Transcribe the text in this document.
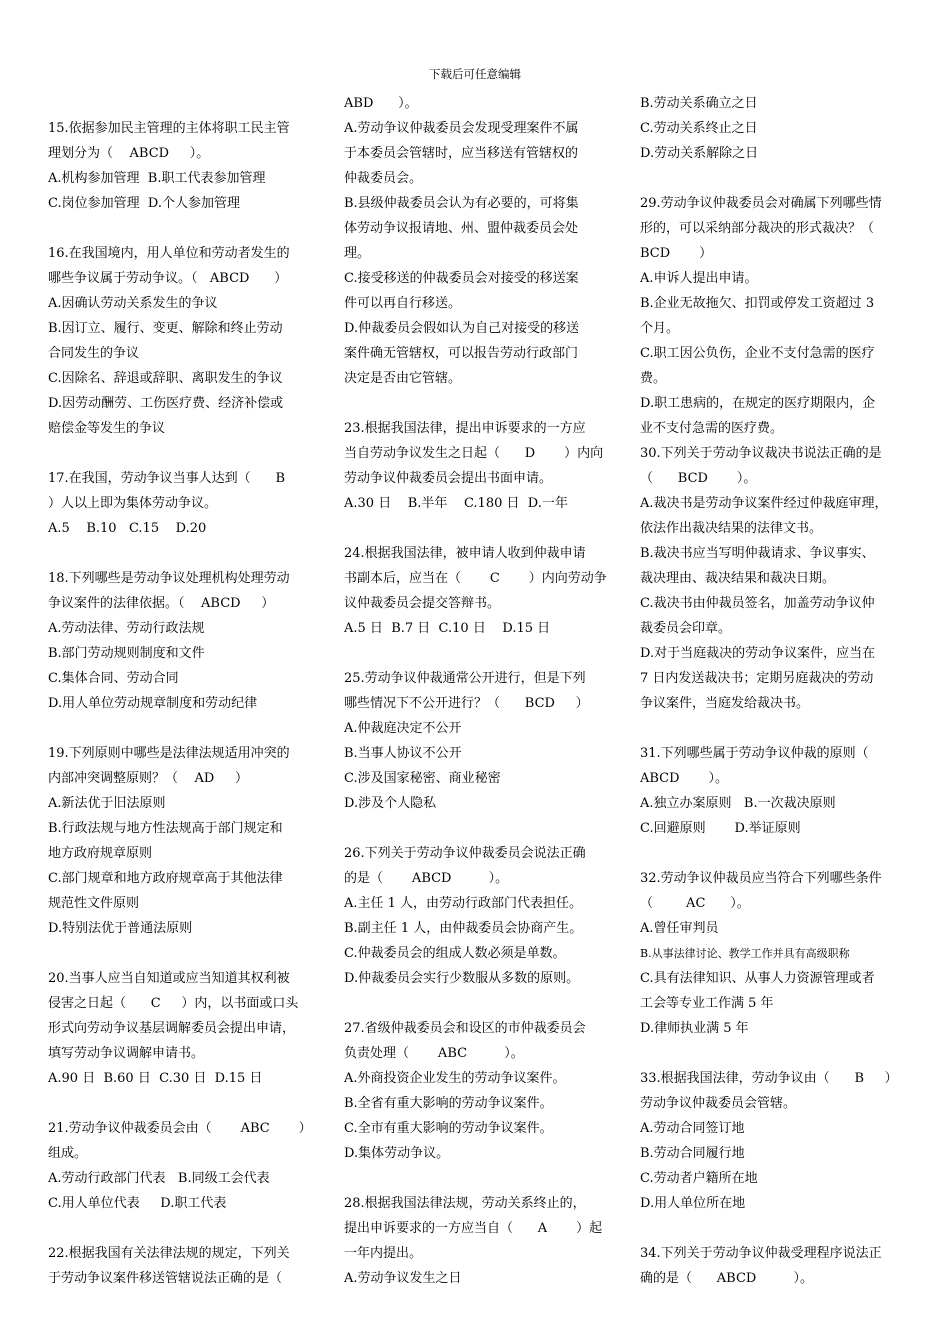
下载后可任意编辑
15.依据参加民主管理的主体将职工民主管
理划分为（    ABCD     ）。
A.机构参加管理  B.职工代表参加管理
C.岗位参加管理  D.个人参加管理
16.在我国境内，用人单位和劳动者发生的
哪些争议属于劳动争议。（   ABCD      ）
A.因确认劳动关系发生的争议
B.因订立、履行、变更、解除和终止劳动
合同发生的争议
C.因除名、辞退或辞职、离职发生的争议
D.因劳动酬劳、工伤医疗费、经济补偿或
赔偿金等发生的争议
17.在我国，劳动争议当事人达到（      B
）人以上即为集体劳动争议。
A.5    B.10   C.15    D.20
18.下列哪些是劳动争议处理机构处理劳动
争议案件的法律依据。（    ABCD     ）
A.劳动法律、劳动行政法规
B.部门劳动规则制度和文件
C.集体合同、劳动合同
D.用人单位劳动规章制度和劳动纪律
19.下列原则中哪些是法律法规适用冲突的
内部冲突调整原则？（    AD     ）
A.新法优于旧法原则
B.行政法规与地方性法规高于部门规定和
地方政府规章原则
C.部门规章和地方政府规章高于其他法律
规范性文件原则
D.特别法优于普通法原则
20.当事人应当自知道或应当知道其权利被
侵害之日起（      C     ）内，以书面或口头
形式向劳动争议基层调解委员会提出申请，
填写劳动争议调解申请书。
A.90 日  B.60 日  C.30 日  D.15 日
21.劳动争议仲裁委员会由（       ABC       ）
组成。
A.劳动行政部门代表   B.同级工会代表
C.用人单位代表     D.职工代表
22.根据我国有关法律法规的规定，下列关
于劳动争议案件移送管辖说法正确的是（
ABD      ）。
A.劳动争议仲裁委员会发现受理案件不属
于本委员会管辖时，应当移送有管辖权的
仲裁委员会。
B.县级仲裁委员会认为有必要的，可将集
体劳动争议报请地、州、盟仲裁委员会处
理。
C.接受移送的仲裁委员会对接受的移送案
件可以再自行移送。
D.仲裁委员会假如认为自己对接受的移送
案件确无管辖权，可以报告劳动行政部门
决定是否由它管辖。
23.根据我国法律，提出申诉要求的一方应
当自劳动争议发生之日起（      D       ）内向
劳动争议仲裁委员会提出书面申请。
A.30 日    B.半年    C.180 日  D.一年
24.根据我国法律，被申请人收到仲裁申请
书副本后，应当在（       C       ）内向劳动争
议仲裁委员会提交答辩书。
A.5 日  B.7 日  C.10 日    D.15 日
25.劳动争议仲裁通常公开进行，但是下列
哪些情况下不公开进行？（      BCD     ）
A.仲裁庭决定不公开
B.当事人协议不公开
C.涉及国家秘密、商业秘密
D.涉及个人隐私
26.下列关于劳动争议仲裁委员会说法正确
的是（       ABCD         ）。
A.主任 1 人，由劳动行政部门代表担任。
B.副主任 1 人，由仲裁委员会协商产生。
C.仲裁委员会的组成人数必须是单数。
D.仲裁委员会实行少数服从多数的原则。
27.省级仲裁委员会和设区的市仲裁委员会
负责处理（       ABC         ）。
A.外商投资企业发生的劳动争议案件。
B.全省有重大影响的劳动争议案件。
C.全市有重大影响的劳动争议案件。
D.集体劳动争议。
28.根据我国法律法规，劳动关系终止的，
提出申诉要求的一方应当自（      A       ）起
一年内提出。
A.劳动争议发生之日
B.劳动关系确立之日
C.劳动关系终止之日
D.劳动关系解除之日
29.劳动争议仲裁委员会对确属下列哪些情
形的，可以采纳部分裁决的形式裁决？（
BCD       ）
A.申诉人提出申请。
B.企业无故拖欠、扣罚或停发工资超过 3
个月。
C.职工因公负伤，企业不支付急需的医疗
费。
D.职工患病的，在规定的医疗期限内，企
业不支付急需的医疗费。
30.下列关于劳动争议裁决书说法正确的是
（      BCD       ）。
A.裁决书是劳动争议案件经过仲裁庭审理，
依法作出裁决结果的法律文书。
B.裁决书应当写明仲裁请求、争议事实、
裁决理由、裁决结果和裁决日期。
C.裁决书由仲裁员签名，加盖劳动争议仲
裁委员会印章。
D.对于当庭裁决的劳动争议案件，应当在
7 日内发送裁决书；定期另庭裁决的劳动
争议案件，当庭发给裁决书。
31.下列哪些属于劳动争议仲裁的原则（
ABCD       ）。
A.独立办案原则   B.一次裁决原则
C.回避原则       D.举证原则
32.劳动争议仲裁员应当符合下列哪些条件
（        AC      ）。
A.曾任审判员
B.从事法律讨论、教学工作并具有高级职称
C.具有法律知识、从事人力资源管理或者
工会等专业工作满 5 年
D.律师执业满 5 年
33.根据我国法律，劳动争议由（      B     ）
劳动争议仲裁委员会管辖。
A.劳动合同签订地
B.劳动合同履行地
C.劳动者户籍所在地
D.用人单位所在地
34.下列关于劳动争议仲裁受理程序说法正
确的是（      ABCD         ）。
